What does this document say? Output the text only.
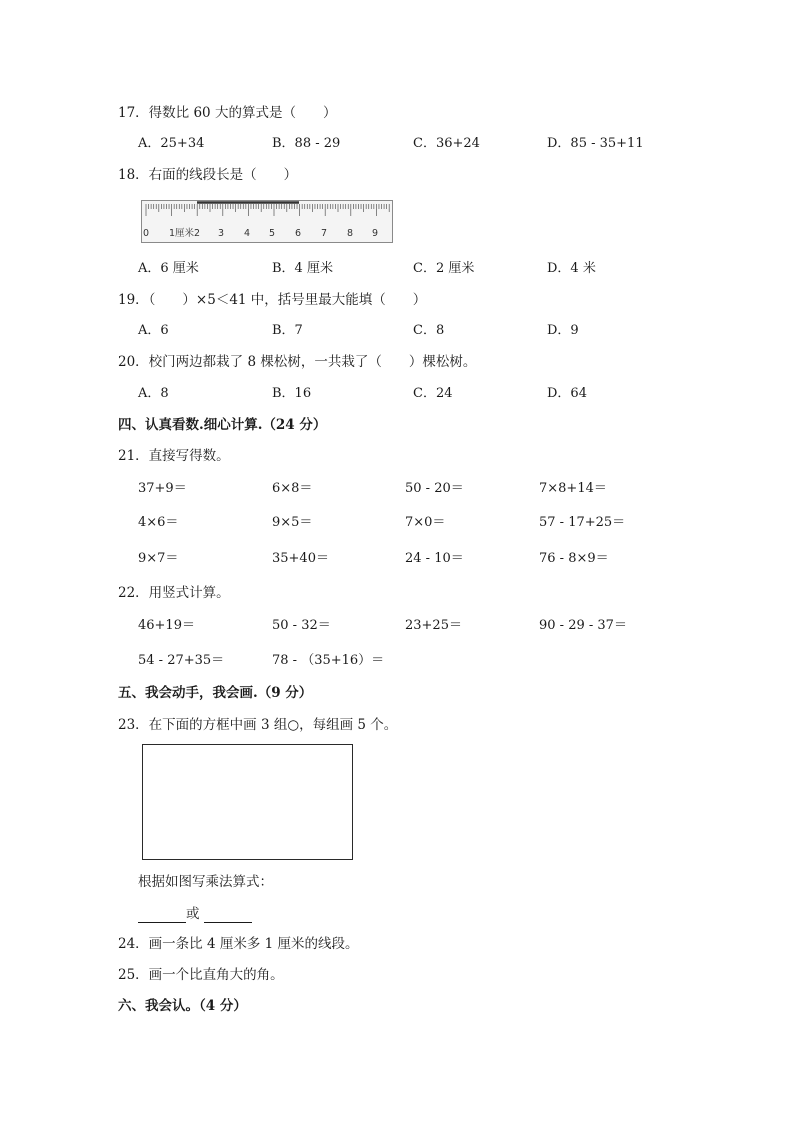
17．得数比 60 大的算式是（　　）
A．25+34	B．88 - 29	C．36+24	D．85 - 35+11
18．右面的线段长是（　　）
0 1厘米2 3 4 5 6 7 8 9
A．6 厘米	B．4 厘米	C．2 厘米	D．4 米
19．（　　）×5＜41 中，括号里最大能填（　　）
A．6	B．7	C．8	D．9
20．校门两边都栽了 8 棵松树，一共栽了（　　）棵松树。
A．8	B．16	C．24	D．64
四、认真看数.细心计算.（24 分）
21．直接写得数。
37+9＝	6×8＝	50 - 20＝	7×8+14＝
4×6＝	9×5＝	7×0＝	57 - 17+25＝
9×7＝	35+40＝	24 - 10＝	76 - 8×9＝
22．用竖式计算。
46+19＝	50 - 32＝	23+25＝	90 - 29 - 37＝
54 - 27+35＝	78 - （35+16）＝
五、我会动手，我会画.（9 分）
23．在下面的方框中画 3 组○，每组画 5 个。
根据如图写乘法算式：
或
24．画一条比 4 厘米多 1 厘米的线段。
25．画一个比直角大的角。
六、我会认。（4 分）
